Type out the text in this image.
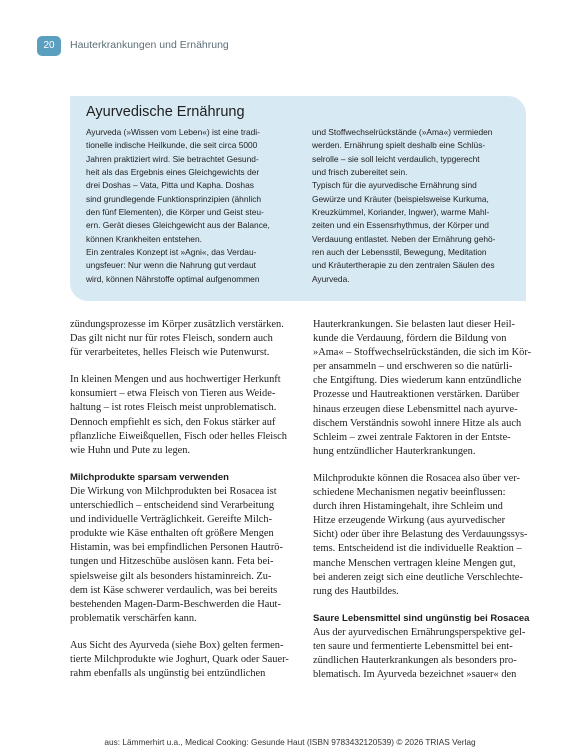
20	Hauterkrankungen und Ernährung
Ayurvedische Ernährung
Ayurveda (»Wissen vom Leben«) ist eine tradi-
tionelle indische Heilkunde, die seit circa 5000
Jahren praktiziert wird. Sie betrachtet Gesund-
heit als das Ergebnis eines Gleichgewichts der
drei Doshas – Vata, Pitta und Kapha. Doshas
sind grundlegende Funktionsprinzipien (ähnlich
den fünf Elementen), die Körper und Geist steu-
ern. Gerät dieses Gleichgewicht aus der Balance,
können Krankheiten entstehen.
Ein zentrales Konzept ist »Agni«, das Verdau-
ungsfeuer: Nur wenn die Nahrung gut verdaut
wird, können Nährstoffe optimal aufgenommen
und Stoffwechselrückstände (»Ama«) vermieden
werden. Ernährung spielt deshalb eine Schlüs-
selrolle – sie soll leicht verdaulich, typgerecht
und frisch zubereitet sein.
Typisch für die ayurvedische Ernährung sind
Gewürze und Kräuter (beispielsweise Kurkuma,
Kreuzkümmel, Koriander, Ingwer), warme Mahl-
zeiten und ein Essensrhythmus, der Körper und
Verdauung entlastet. Neben der Ernährung gehö-
ren auch der Lebensstil, Bewegung, Meditation
und Kräutertherapie zu den zentralen Säulen des
Ayurveda.
zündungsprozesse im Körper zusätzlich verstärken.
Das gilt nicht nur für rotes Fleisch, sondern auch
für verarbeitetes, helles Fleisch wie Putenwurst.
In kleinen Mengen und aus hochwertiger Herkunft
konsumiert – etwa Fleisch von Tieren aus Weide-
haltung – ist rotes Fleisch meist unproblematisch.
Dennoch empfiehlt es sich, den Fokus stärker auf
pflanzliche Eiweißquellen, Fisch oder helles Fleisch
wie Huhn und Pute zu legen.
Milchprodukte sparsam verwenden
Die Wirkung von Milchprodukten bei Rosacea ist
unterschiedlich – entscheidend sind Verarbeitung
und individuelle Verträglichkeit. Gereifte Milch-
produkte wie Käse enthalten oft größere Mengen
Histamin, was bei empfindlichen Personen Hautrö-
tungen und Hitzeschübe auslösen kann. Feta bei-
spielsweise gilt als besonders histaminreich. Zu-
dem ist Käse schwerer verdaulich, was bei bereits
bestehenden Magen-Darm-Beschwerden die Haut-
problematik verschärfen kann.
Aus Sicht des Ayurveda (siehe Box) gelten fermen-
tierte Milchprodukte wie Joghurt, Quark oder Sauer-
rahm ebenfalls als ungünstig bei entzündlichen
Hauterkrankungen. Sie belasten laut dieser Heil-
kunde die Verdauung, fördern die Bildung von
»Ama« – Stoffwechselrückständen, die sich im Kör-
per ansammeln – und erschweren so die natürli-
che Entgiftung. Dies wiederum kann entzündliche
Prozesse und Hautreaktionen verstärken. Darüber
hinaus erzeugen diese Lebensmittel nach ayurve-
dischem Verständnis sowohl innere Hitze als auch
Schleim – zwei zentrale Faktoren in der Entste-
hung entzündlicher Hauterkrankungen.
Milchprodukte können die Rosacea also über ver-
schiedene Mechanismen negativ beeinflussen:
durch ihren Histamingehalt, ihre Schleim und
Hitze erzeugende Wirkung (aus ayurvedischer
Sicht) oder über ihre Belastung des Verdauungssys-
tems. Entscheidend ist die individuelle Reaktion –
manche Menschen vertragen kleine Mengen gut,
bei anderen zeigt sich eine deutliche Verschlechte-
rung des Hautbildes.
Saure Lebensmittel sind ungünstig bei Rosacea
Aus der ayurvedischen Ernährungsperspektive gel-
ten saure und fermentierte Lebensmittel bei ent-
zündlichen Hauterkrankungen als besonders pro-
blematisch. Im Ayurveda bezeichnet »sauer« den
aus: Lämmerhirt u.a., Medical Cooking: Gesunde Haut (ISBN 9783432120539) © 2026 TRIAS Verlag
